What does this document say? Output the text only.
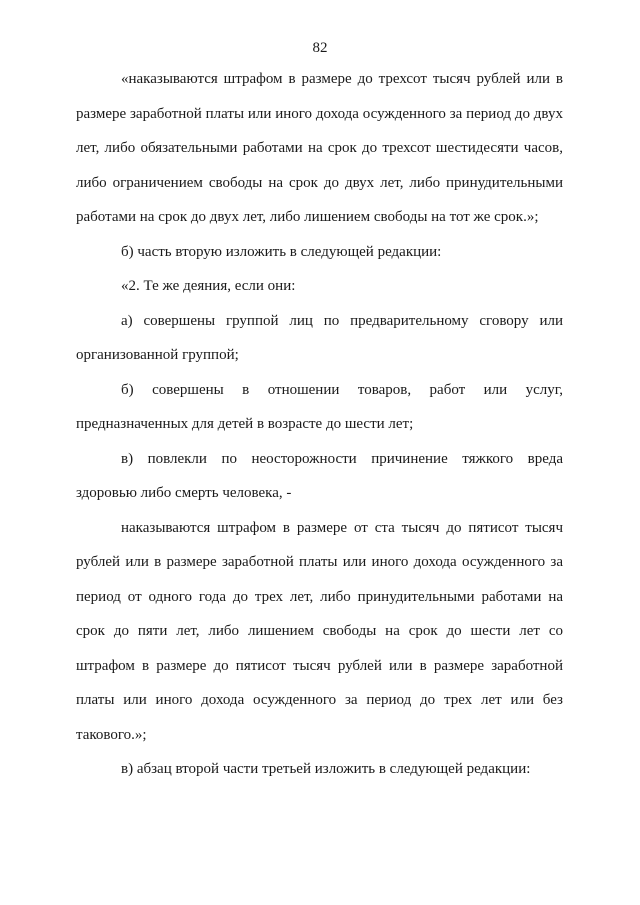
82

«наказываются штрафом в размере до трехсот тысяч рублей или в размере заработной платы или иного дохода осужденного за период до двух лет, либо обязательными работами на срок до трехсот шестидесяти часов, либо ограничением свободы на срок до двух лет, либо принудительными работами на срок до двух лет, либо лишением свободы на тот же срок.»;

б) часть вторую изложить в следующей редакции:

«2. Те же деяния, если они:

а) совершены группой лиц по предварительному сговору или организованной группой;

б) совершены в отношении товаров, работ или услуг, предназначенных для детей в возрасте до шести лет;

в) повлекли по неосторожности причинение тяжкого вреда здоровью либо смерть человека, -

наказываются штрафом в размере от ста тысяч до пятисот тысяч рублей или в размере заработной платы или иного дохода осужденного за период от одного года до трех лет, либо принудительными работами на срок до пяти лет, либо лишением свободы на срок до шести лет со штрафом в размере до пятисот тысяч рублей или в размере заработной платы или иного дохода осужденного за период до трех лет или без такового.»;

в) абзац второй части третьей изложить в следующей редакции:
